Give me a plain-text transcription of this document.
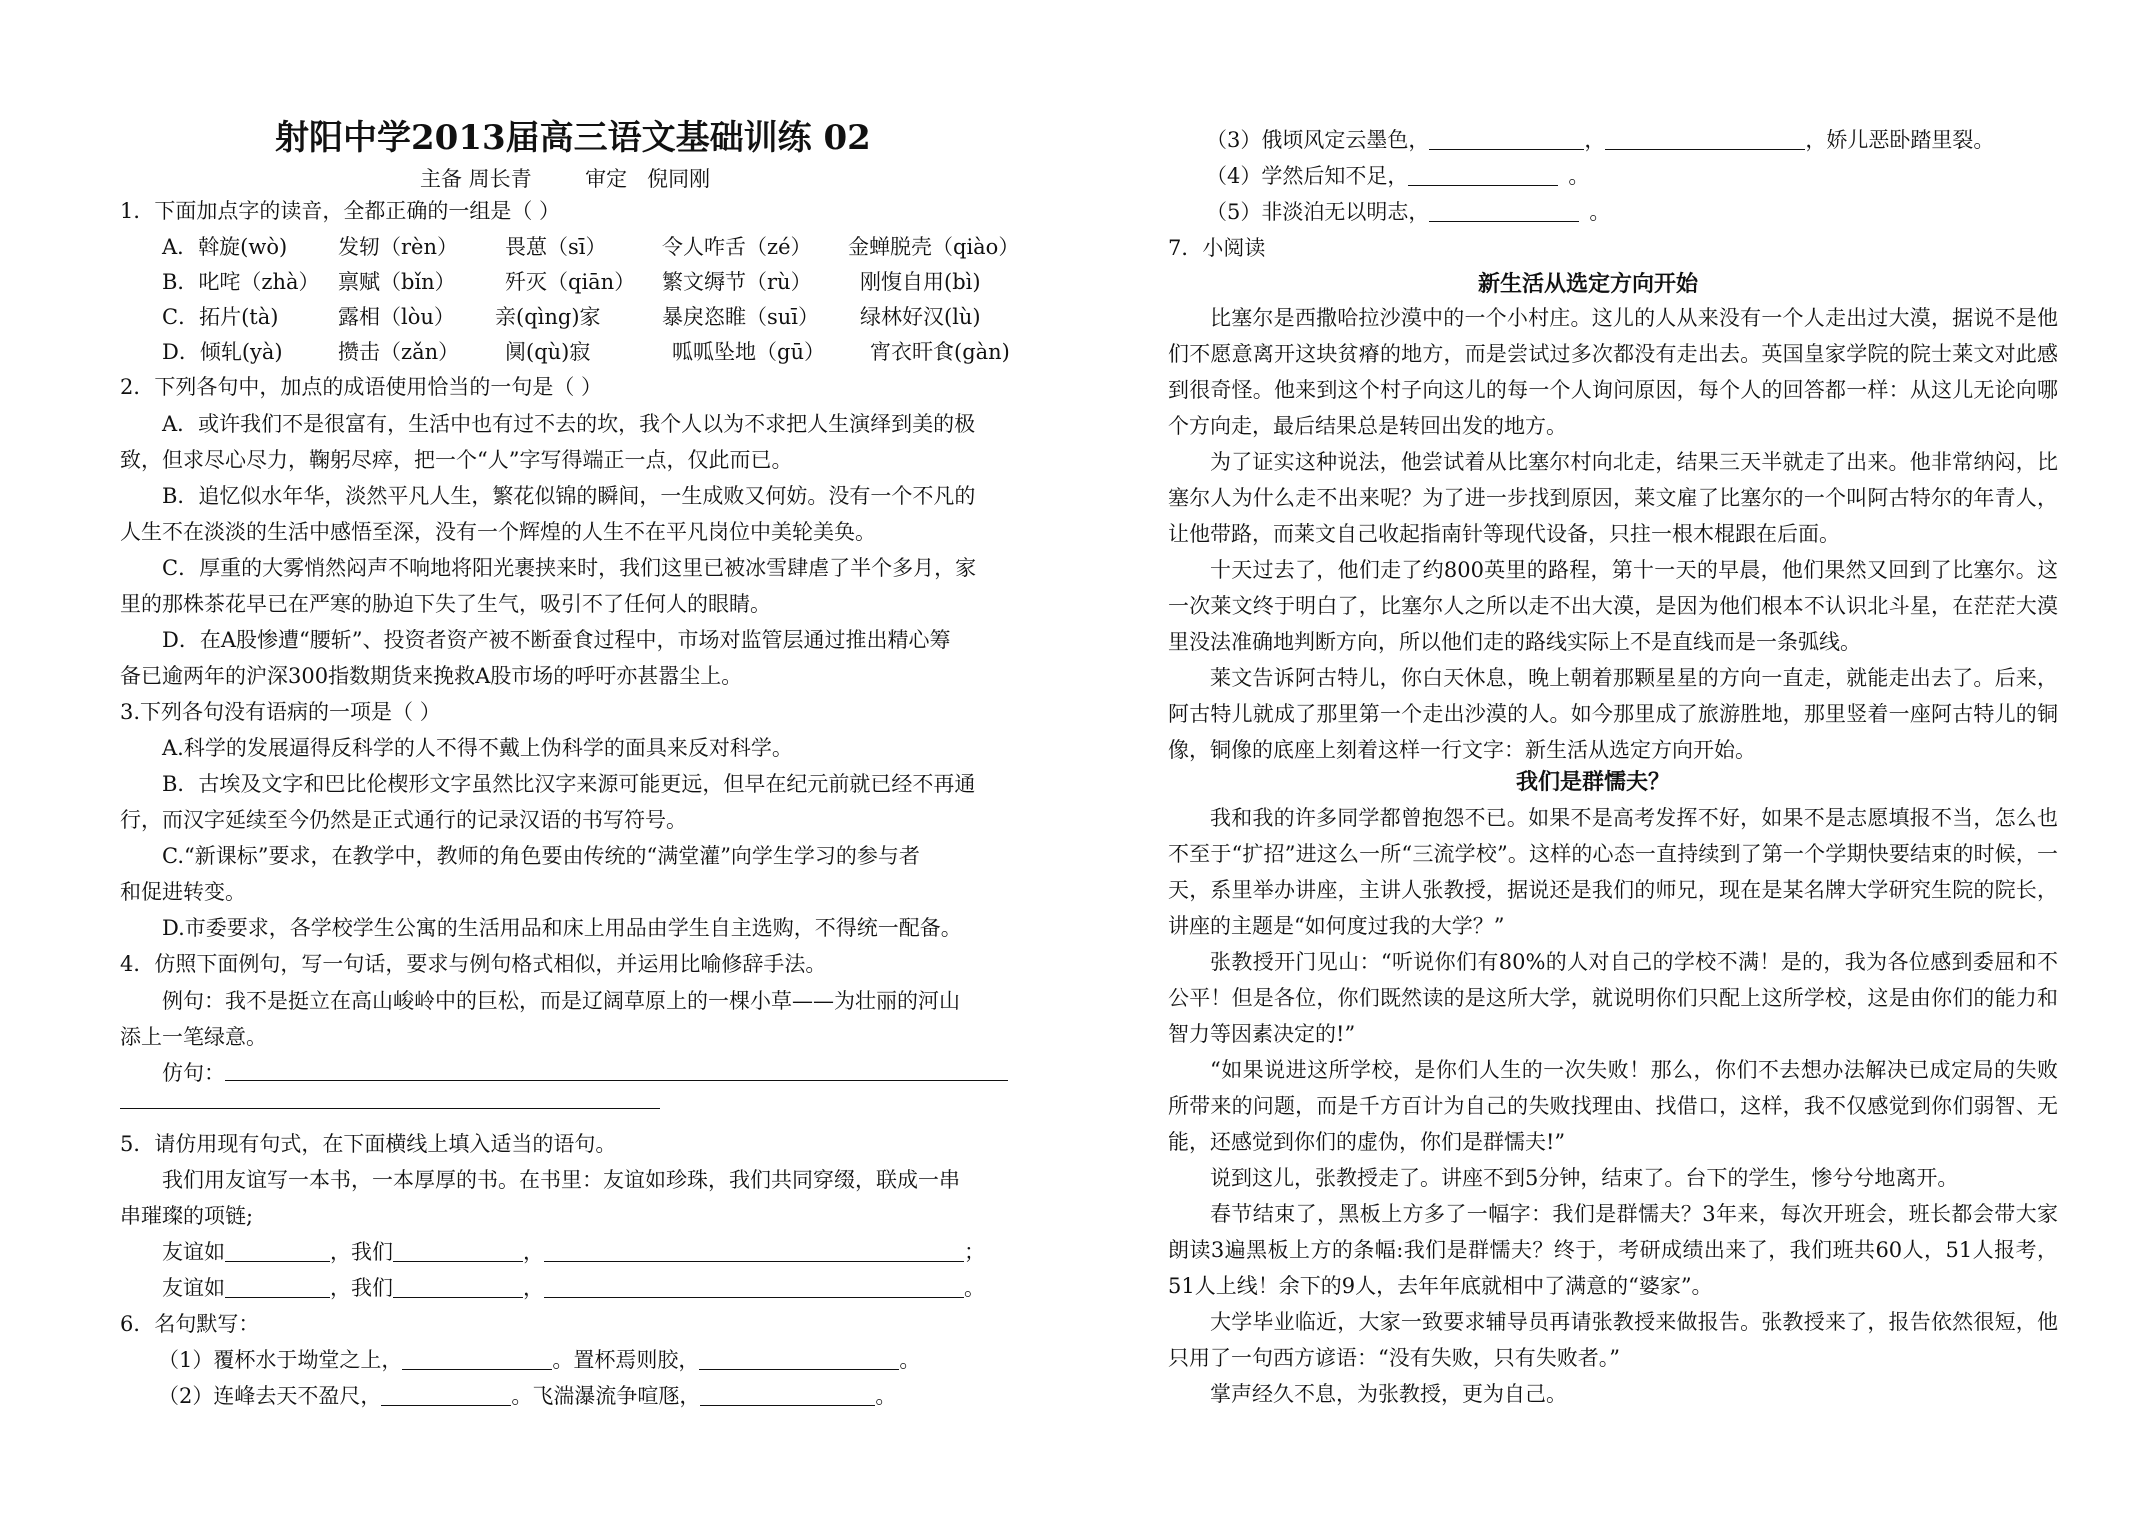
射阳中学2013届高三语文基础训练 02
主备 周长青        审定   倪同刚
1．下面加点字的读音，全都正确的一组是（ ）
A．斡旋(wò) 发轫（rèn） 畏葸（sī）	令人咋舌（zé） 金蝉脱壳（qiào）
B．叱咤（zhà） 禀赋（bǐn） 歼灭（qiān） 繁文缛节（rù） 刚愎自用(bì)
C．拓片(tà)	露相（lòu） 亲(qìng)家	暴戾恣睢（suī） 绿林好汉(lù)
D．倾轧(yà)	攒击（zǎn） 阒(qù)寂	呱呱坠地（gū） 宵衣旰食(gàn)
2．下列各句中，加点的成语使用恰当的一句是（ ）
A．或许我们不是很富有，生活中也有过不去的坎，我个人以为不求把人生演绎到美的极
致，但求尽心尽力，鞠躬尽瘁，把一个“人”字写得端正一点，仅此而已。
B．追忆似水年华，淡然平凡人生，繁花似锦的瞬间，一生成败又何妨。没有一个不凡的
人生不在淡淡的生活中感悟至深，没有一个辉煌的人生不在平凡岗位中美轮美奂。
C．厚重的大雾悄然闷声不响地将阳光裹挟来时，我们这里已被冰雪肆虐了半个多月，家
里的那株茶花早已在严寒的胁迫下失了生气，吸引不了任何人的眼睛。
D．在A股惨遭“腰斩”、投资者资产被不断蚕食过程中，市场对监管层通过推出精心筹
备已逾两年的沪深300指数期货来挽救A股市场的呼吁亦甚嚣尘上。
3.下列各句没有语病的一项是（ ）
A.科学的发展逼得反科学的人不得不戴上伪科学的面具来反对科学。
B．古埃及文字和巴比伦楔形文字虽然比汉字来源可能更远，但早在纪元前就已经不再通
行，而汉字延续至今仍然是正式通行的记录汉语的书写符号。
C.“新课标”要求，在教学中，教师的角色要由传统的“满堂灌”向学生学习的参与者
和促进转变。
D.市委要求，各学校学生公寓的生活用品和床上用品由学生自主选购，不得统一配备。
4．仿照下面例句，写一句话，要求与例句格式相似，并运用比喻修辞手法。
例句：我不是挺立在高山峻岭中的巨松，而是辽阔草原上的一棵小草——为壮丽的河山
添上一笔绿意。
仿句：
5．请仿用现有句式，在下面横线上填入适当的语句。
我们用友谊写一本书，一本厚厚的书。在书里：友谊如珍珠，我们共同穿缀，联成一串
串璀璨的项链;
友谊如	，我们	，	；
友谊如	，我们	，	。
6．名句默写：
（1）覆杯水于坳堂之上，	。置杯焉则胶，	。
（2）连峰去天不盈尺，	。飞湍瀑流争喧豗，	。
（3）俄顷风定云墨色，	，	，娇儿恶卧踏里裂。
（4）学然后知不足，	。
（5）非淡泊无以明志，	。
7．小阅读
新生活从选定方向开始

比塞尔是西撒哈拉沙漠中的一个小村庄。这儿的人从来没有一个人走出过大漠，据说不是他们不愿意离开这块贫瘠的地方，而是尝试过多次都没有走出去。英国皇家学院的院士莱文对此感到很奇怪。他来到这个村子向这儿的每一个人询问原因，每个人的回答都一样：从这儿无论向哪个方向走，最后结果总是转回出发的地方。

为了证实这种说法，他尝试着从比塞尔村向北走，结果三天半就走了出来。他非常纳闷，比塞尔人为什么走不出来呢？为了进一步找到原因，莱文雇了比塞尔的一个叫阿古特尔的年青人，让他带路，而莱文自己收起指南针等现代设备，只拄一根木棍跟在后面。

十天过去了，他们走了约800英里的路程，第十一天的早晨，他们果然又回到了比塞尔。这一次莱文终于明白了，比塞尔人之所以走不出大漠，是因为他们根本不认识北斗星，在茫茫大漠里没法准确地判断方向，所以他们走的路线实际上不是直线而是一条弧线。

莱文告诉阿古特儿，你白天休息，晚上朝着那颗星星的方向一直走，就能走出去了。后来，阿古特儿就成了那里第一个走出沙漠的人。如今那里成了旅游胜地，那里竖着一座阿古特儿的铜像，铜像的底座上刻着这样一行文字：新生活从选定方向开始。

我们是群懦夫？

我和我的许多同学都曾抱怨不已。如果不是高考发挥不好，如果不是志愿填报不当，怎么也不至于“扩招”进这么一所“三流学校”。这样的心态一直持续到了第一个学期快要结束的时候，一天，系里举办讲座，主讲人张教授，据说还是我们的师兄，现在是某名牌大学研究生院的院长，讲座的主题是“如何度过我的大学？”

张教授开门见山：“听说你们有80%的人对自己的学校不满！是的，我为各位感到委屈和不公平！但是各位，你们既然读的是这所大学，就说明你们只配上这所学校，这是由你们的能力和智力等因素决定的!”

“如果说进这所学校，是你们人生的一次失败！那么，你们不去想办法解决已成定局的失败所带来的问题，而是千方百计为自己的失败找理由、找借口，这样，我不仅感觉到你们弱智、无能，还感觉到你们的虚伪，你们是群懦夫!”

说到这儿，张教授走了。讲座不到5分钟，结束了。台下的学生，惨兮兮地离开。

春节结束了，黑板上方多了一幅字：我们是群懦夫？3年来，每次开班会，班长都会带大家朗读3遍黑板上方的条幅:我们是群懦夫？终于，考研成绩出来了，我们班共60人，51人报考，51人上线！余下的9人，去年年底就相中了满意的“婆家”。

大学毕业临近，大家一致要求辅导员再请张教授来做报告。张教授来了，报告依然很短，他只用了一句西方谚语：“没有失败，只有失败者。”

掌声经久不息，为张教授，更为自己。
